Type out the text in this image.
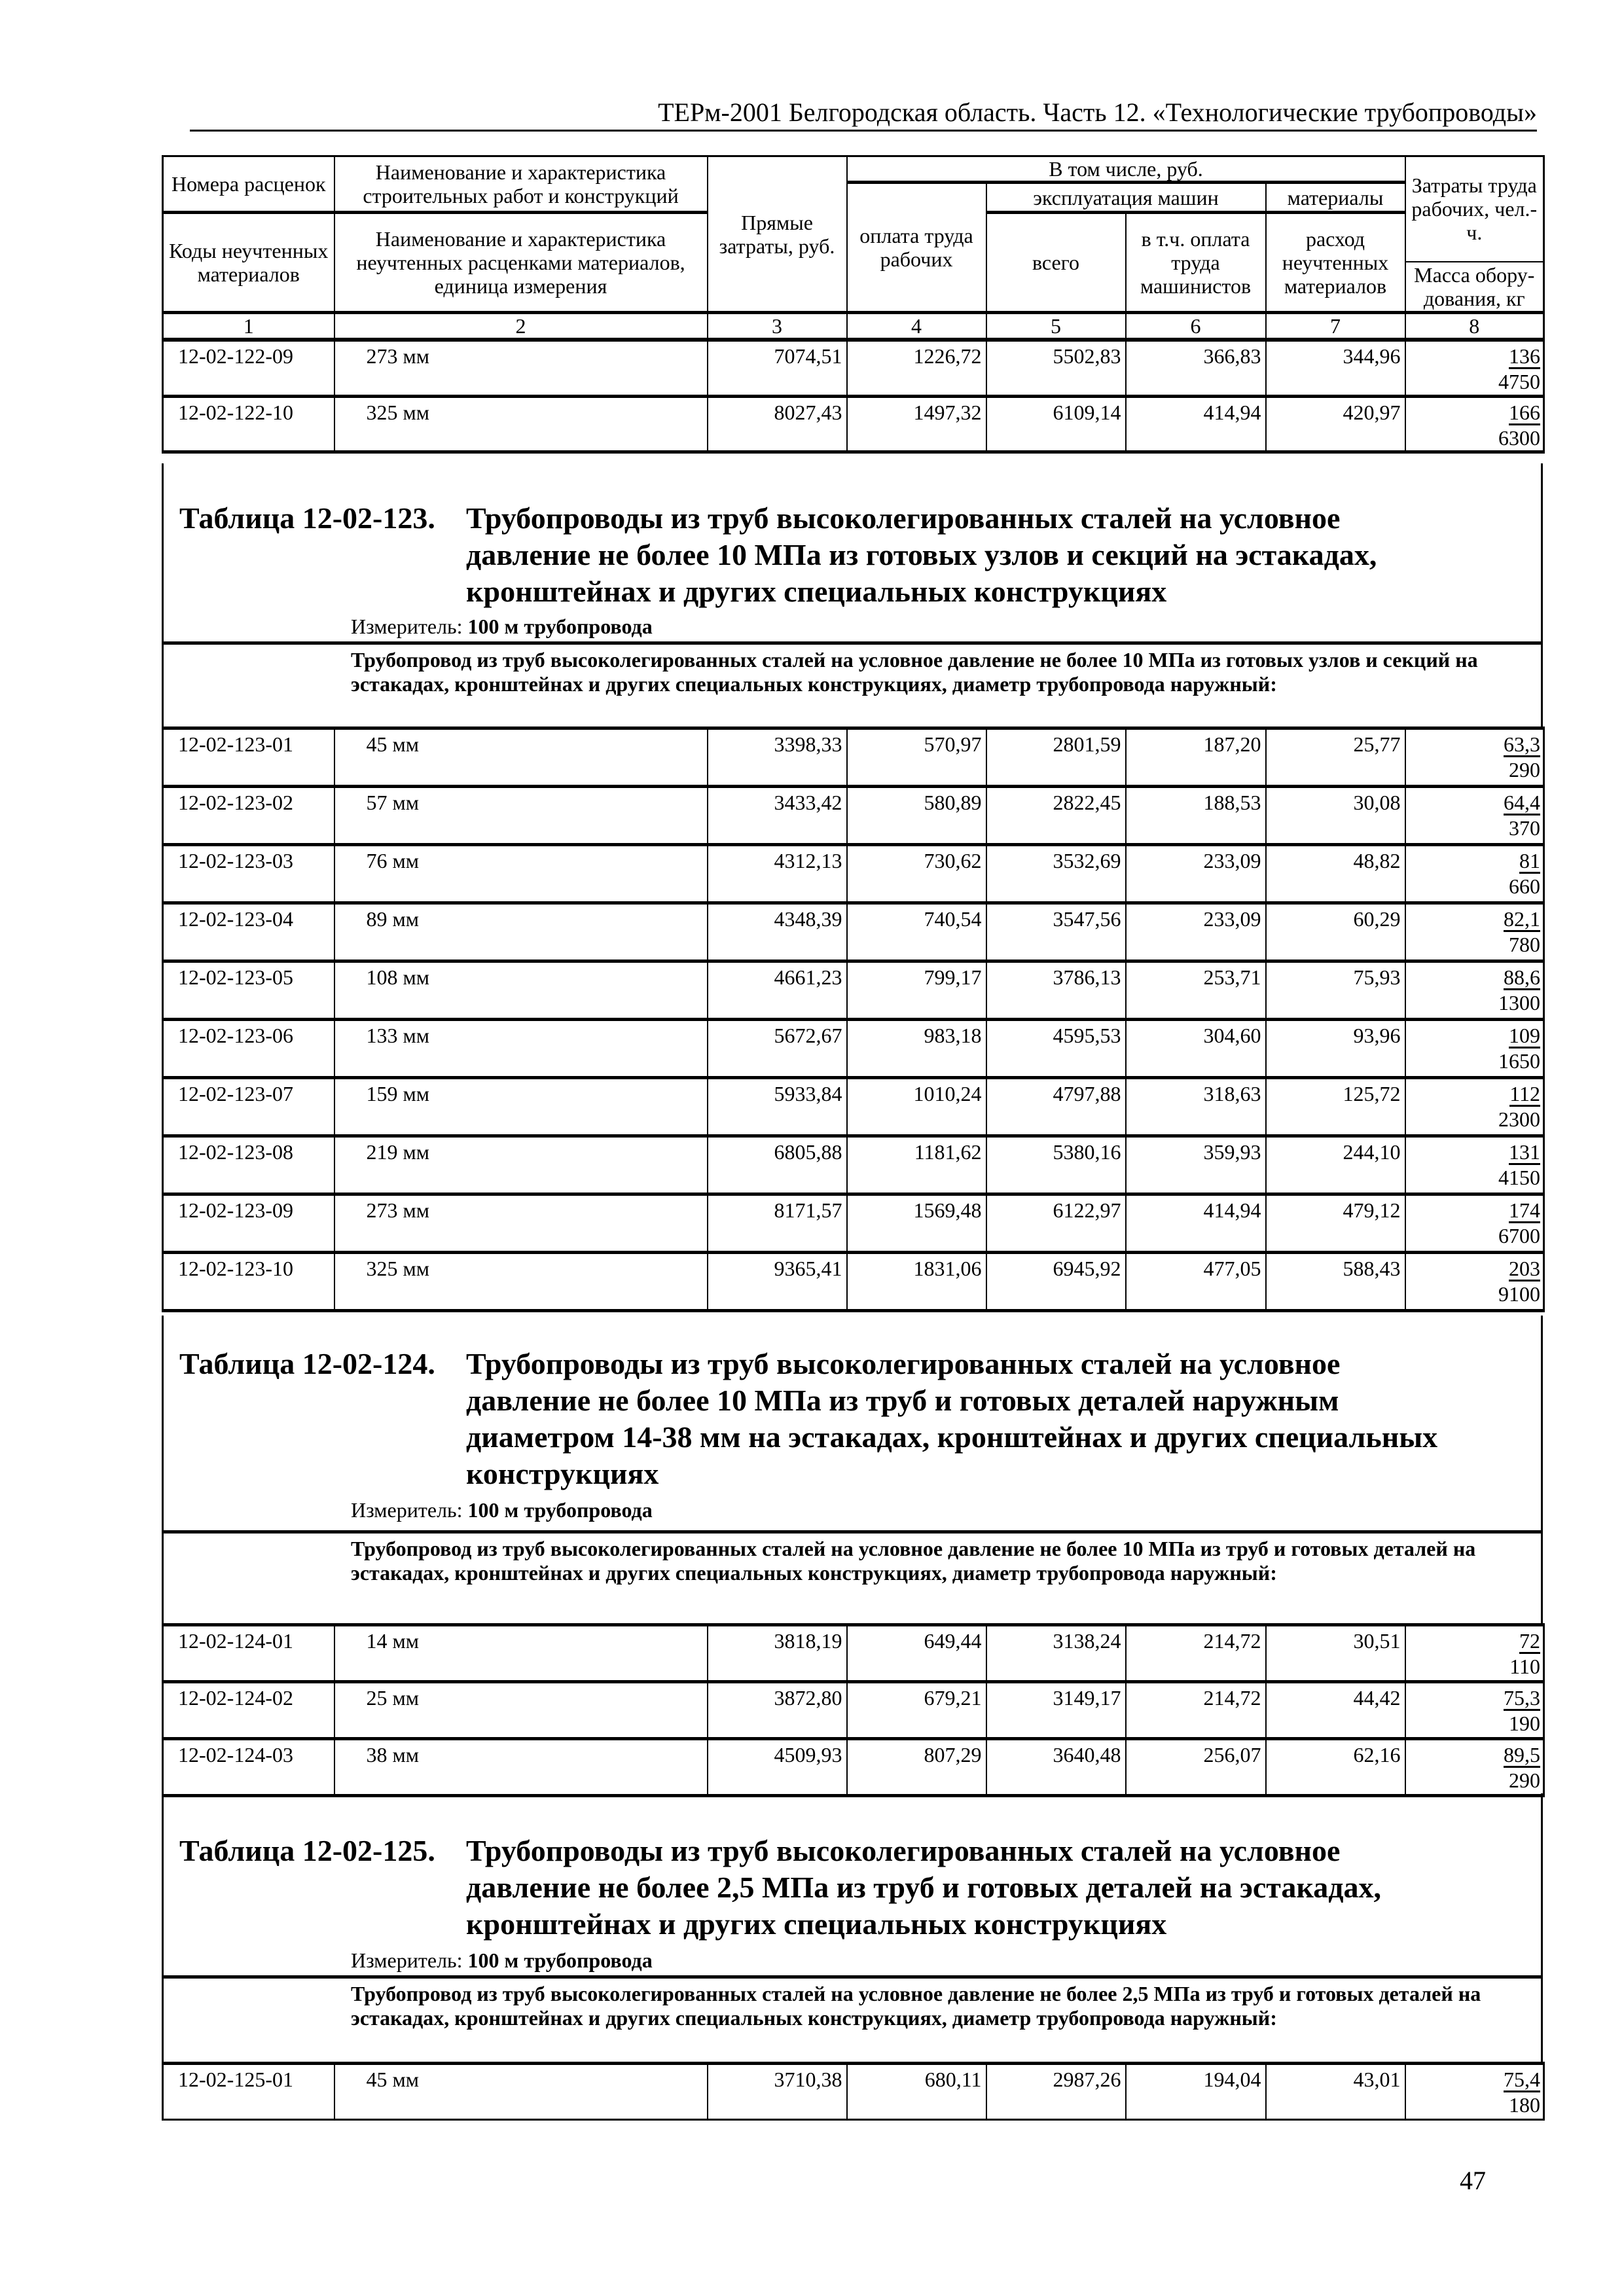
ТЕРм-2001 Белгородская область. Часть 12. «Технологические трубопроводы»
Номера расценок	Наименование и характеристика строительных работ и конструкций	Прямые затраты, руб.	В том числе, руб.				Затраты труда рабочих, чел.-ч.
			оплата труда рабочих	эксплуатация машин		материалы	
Коды неучтенных материалов	Наименование и характеристика неучтенных расценками материалов, единица измерения			всего	в т.ч. оплата труда машинистов	расход неучтенных материалов	
							Масса обору-дования, кг
1	2	3	4	5	6	7	8
12-02-122-09	273 мм	7074,51	1226,72	5502,83	366,83	344,96	136
4750

12-02-122-10	325 мм	8027,43	1497,32	6109,14	414,94	420,97	166
6300
Таблица 12-02-123. Трубопроводы из труб высоколегированных сталей на условное
давление не более 10 МПа из готовых узлов и секций на эстакадах,
кронштейнах и других специальных конструкциях
Измеритель: 100 м трубопровода
Трубопровод из труб высоколегированных сталей на условное давление не более 10 МПа из готовых узлов и секций на эстакадах, кронштейнах и других специальных конструкциях, диаметр трубопровода наружный:
12-02-123-01	45 мм	3398,33	570,97	2801,59	187,20	25,77	63,3
290

12-02-123-02	57 мм	3433,42	580,89	2822,45	188,53	30,08	64,4
370

12-02-123-03	76 мм	4312,13	730,62	3532,69	233,09	48,82	81
660

12-02-123-04	89 мм	4348,39	740,54	3547,56	233,09	60,29	82,1
780

12-02-123-05	108 мм	4661,23	799,17	3786,13	253,71	75,93	88,6
1300

12-02-123-06	133 мм	5672,67	983,18	4595,53	304,60	93,96	109
1650

12-02-123-07	159 мм	5933,84	1010,24	4797,88	318,63	125,72	112
2300

12-02-123-08	219 мм	6805,88	1181,62	5380,16	359,93	244,10	131
4150

12-02-123-09	273 мм	8171,57	1569,48	6122,97	414,94	479,12	174
6700

12-02-123-10	325 мм	9365,41	1831,06	6945,92	477,05	588,43	203
9100
Таблица 12-02-124. Трубопроводы из труб высоколегированных сталей на условное
давление не более 10 МПа из труб и готовых деталей наружным
диаметром 14-38 мм на эстакадах, кронштейнах и других специальных
конструкциях
Измеритель: 100 м трубопровода
Трубопровод из труб высоколегированных сталей на условное давление не более 10 МПа из труб и готовых деталей на эстакадах, кронштейнах и других специальных конструкциях, диаметр трубопровода наружный:
12-02-124-01	14 мм	3818,19	649,44	3138,24	214,72	30,51	72
110

12-02-124-02	25 мм	3872,80	679,21	3149,17	214,72	44,42	75,3
190

12-02-124-03	38 мм	4509,93	807,29	3640,48	256,07	62,16	89,5
290
Таблица 12-02-125. Трубопроводы из труб высоколегированных сталей на условное
давление не более 2,5 МПа из труб и готовых деталей на эстакадах,
кронштейнах и других специальных конструкциях
Измеритель: 100 м трубопровода
Трубопровод из труб высоколегированных сталей на условное давление не более 2,5 МПа из труб и готовых деталей на эстакадах, кронштейнах и других специальных конструкциях, диаметр трубопровода наружный:
12-02-125-01	45 мм	3710,38	680,11	2987,26	194,04	43,01	75,4
180
47
